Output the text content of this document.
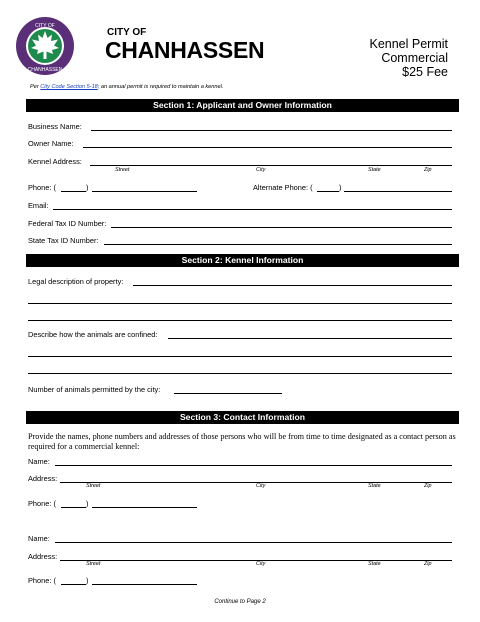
CITY OF
CHANHASSEN
CITY OF
CHANHASSEN	Kennel Permit
Commercial
$25 Fee
Per City Code Section 5-18; an annual permit is required to maintain a kennel.
Section 1: Applicant and Owner Information
Business Name:
Owner Name:
Kennel Address:
Street	City	State	Zip
Phone: (	)	Alternate Phone: (	)
Email:
Federal Tax ID Number:
State Tax ID Number:
Section 2: Kennel Information
Legal description of property:
Describe how the animals are confined:
Number of animals permitted by the city:
Section 3: Contact Information
Provide the names, phone numbers and addresses of those persons who will be from time to time designated as a contact person as required for a commercial kennel:
Name:
Address:
Street	City	State	Zip
Phone: (	)
Name:
Address:
Street	City	State	Zip
Phone: (	)
Continue to Page 2
